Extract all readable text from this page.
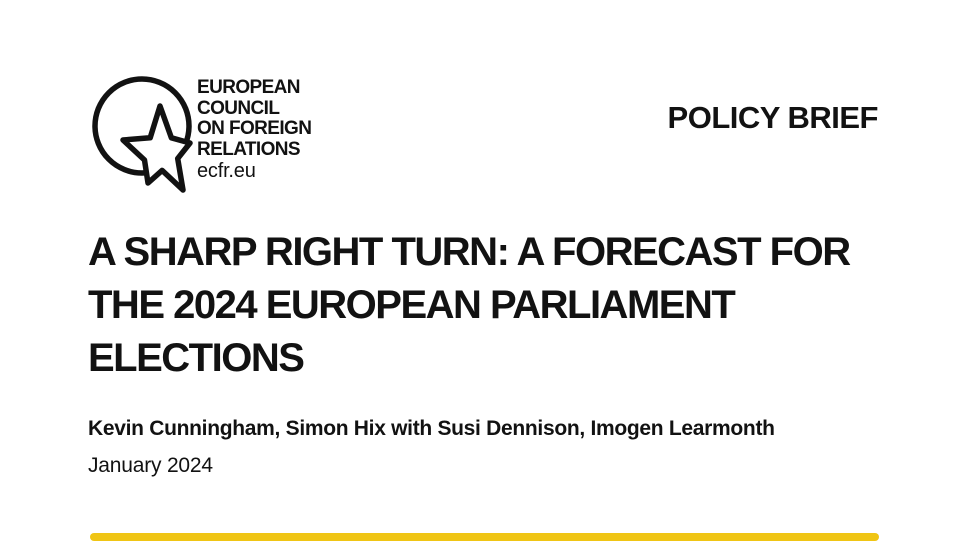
EUROPEAN
COUNCIL
ON FOREIGN
RELATIONS
ecfr.eu
POLICY BRIEF
A SHARP RIGHT TURN: A FORECAST FOR
THE 2024 EUROPEAN PARLIAMENT
ELECTIONS
Kevin Cunningham, Simon Hix with Susi Dennison, Imogen Learmonth
January 2024
